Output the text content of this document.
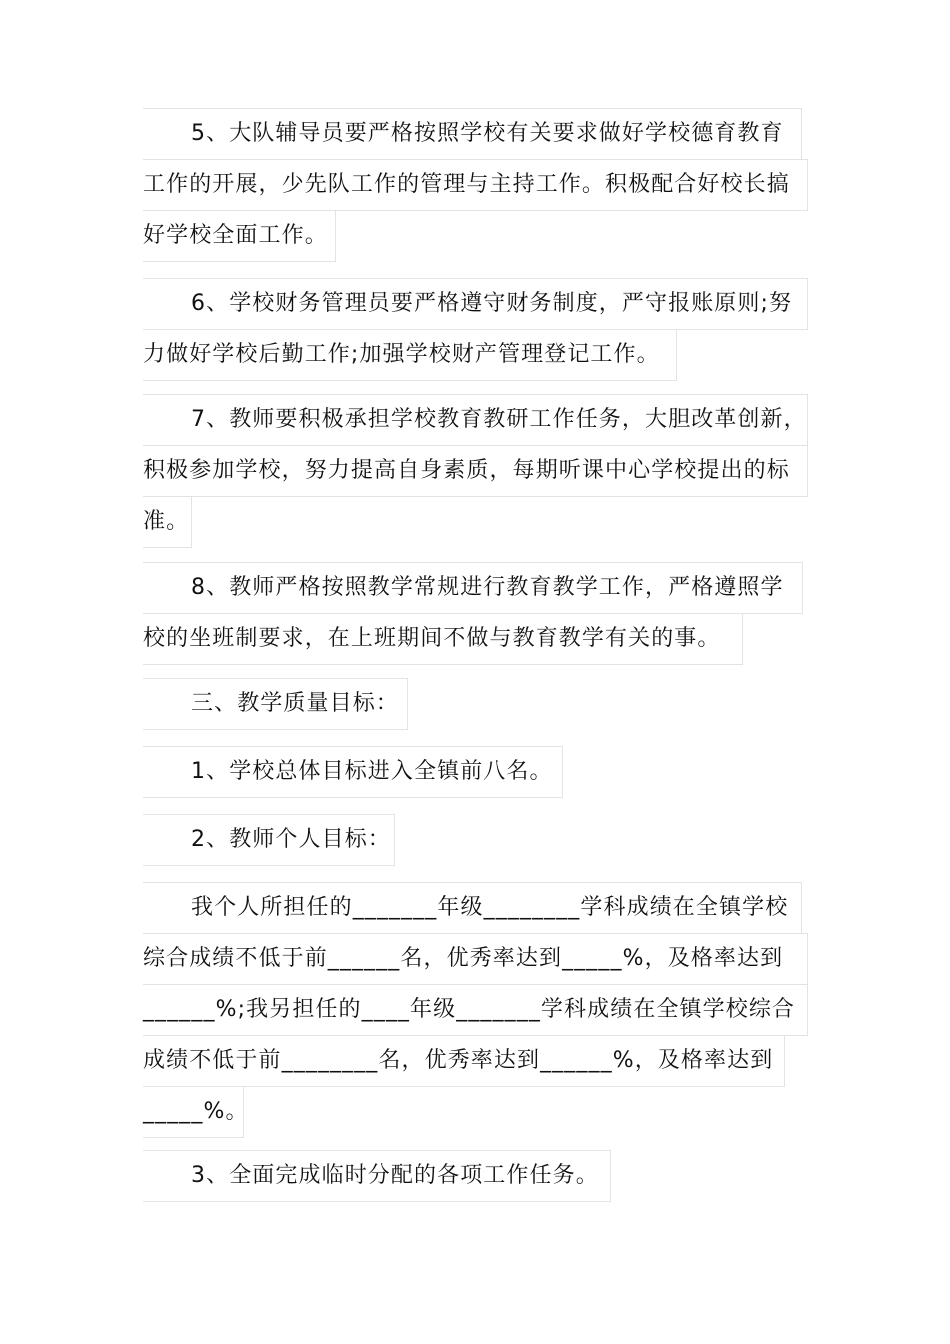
5、大队辅导员要严格按照学校有关要求做好学校德育教育
工作的开展，少先队工作的管理与主持工作。积极配合好校长搞
好学校全面工作。
6、学校财务管理员要严格遵守财务制度，严守报账原则;努
力做好学校后勤工作;加强学校财产管理登记工作。
7、教师要积极承担学校教育教研工作任务，大胆改革创新，
积极参加学校，努力提高自身素质，每期听课中心学校提出的标
准。
8、教师严格按照教学常规进行教育教学工作，严格遵照学
校的坐班制要求，在上班期间不做与教育教学有关的事。
三、教学质量目标：
1、学校总体目标进入全镇前八名。
2、教师个人目标：
我个人所担任的_______年级________学科成绩在全镇学校
综合成绩不低于前______名，优秀率达到_____%，及格率达到
______%;我另担任的____年级_______学科成绩在全镇学校综合
成绩不低于前________名，优秀率达到______%，及格率达到
_____%。
3、全面完成临时分配的各项工作任务。
